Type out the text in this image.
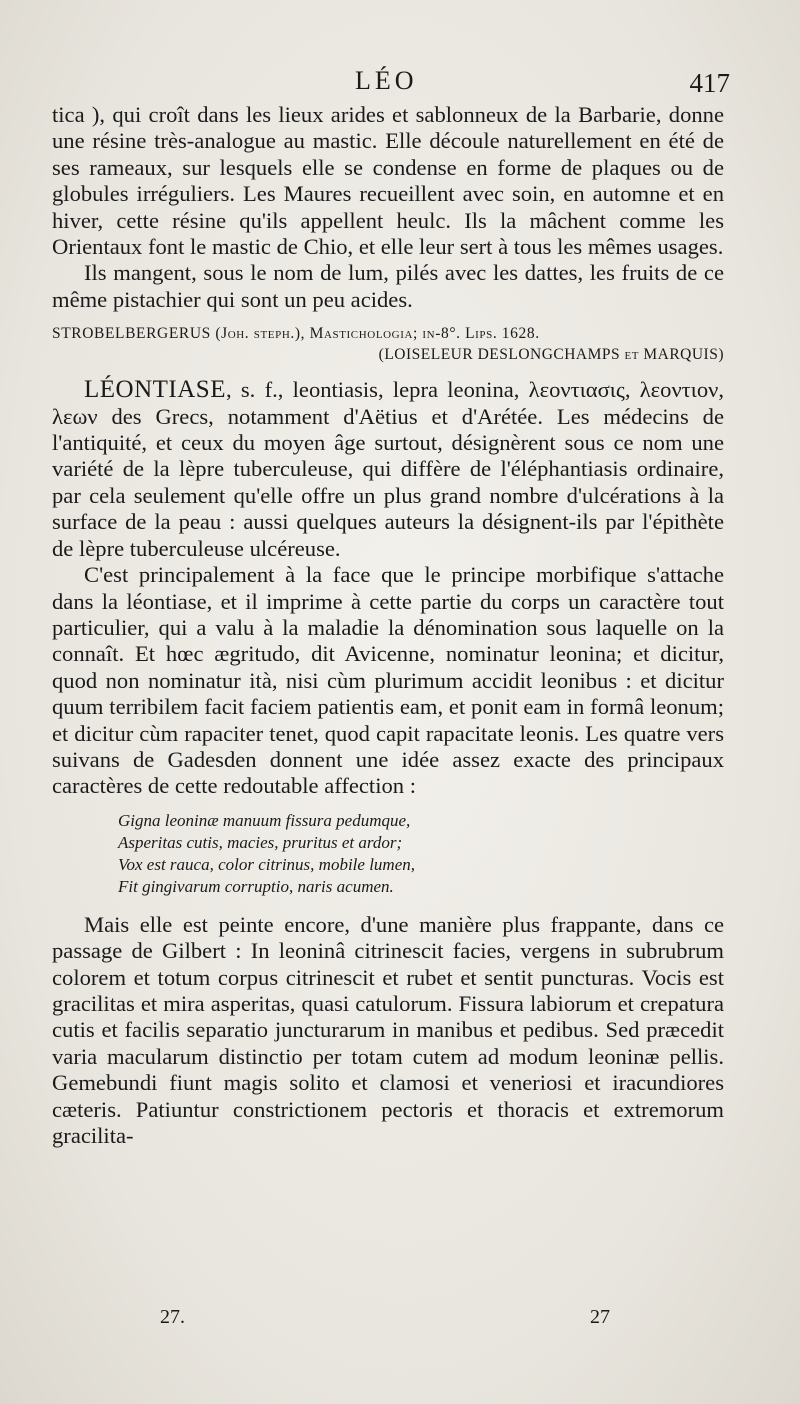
LÉO	417

tica ), qui croît dans les lieux arides et sablonneux de la Barbarie, donne une résine très-analogue au mastic. Elle découle naturellement en été de ses rameaux, sur lesquels elle se condense en forme de plaques ou de globules irréguliers. Les Maures recueillent avec soin, en automne et en hiver, cette résine qu'ils appellent heulc. Ils la mâchent comme les Orientaux font le mastic de Chio, et elle leur sert à tous les mêmes usages.

Ils mangent, sous le nom de lum, pilés avec les dattes, les fruits de ce même pistachier qui sont un peu acides.

STROBELBERGERUS (Joh. steph.), Mastichologia; in-8°. Lips. 1628.
(LOISELEUR DESLONGCHAMPS et MARQUIS)

LÉONTIASE, s. f., leontiasis, lepra leonina, λεοντιασις, λεοντιον, λεων des Grecs, notamment d'Aëtius et d'Arétée. Les médecins de l'antiquité, et ceux du moyen âge surtout, désignèrent sous ce nom une variété de la lèpre tuberculeuse, qui diffère de l'éléphantiasis ordinaire, par cela seulement qu'elle offre un plus grand nombre d'ulcérations à la surface de la peau : aussi quelques auteurs la désignent-ils par l'épithète de lèpre tuberculeuse ulcéreuse.

C'est principalement à la face que le principe morbifique s'attache dans la léontiase, et il imprime à cette partie du corps un caractère tout particulier, qui a valu à la maladie la dénomination sous laquelle on la connaît. Et hœc ægritudo, dit Avicenne, nominatur leonina; et dicitur, quod non nominatur ità, nisi cùm plurimum accidit leonibus : et dicitur quum terribilem facit faciem patientis eam, et ponit eam in formâ leonum; et dicitur cùm rapaciter tenet, quod capit rapacitate leonis. Les quatre vers suivans de Gadesden donnent une idée assez exacte des principaux caractères de cette redoutable affection :

Gigna leoninæ manuum fissura pedumque,
Asperitas cutis, macies, pruritus et ardor;
Vox est rauca, color citrinus, mobile lumen,
Fit gingivarum corruptio, naris acumen.

Mais elle est peinte encore, d'une manière plus frappante, dans ce passage de Gilbert : In leoninâ citrinescit facies, vergens in subrubrum colorem et totum corpus citrinescit et rubet et sentit puncturas. Vocis est gracilitas et mira asperitas, quasi catulorum. Fissura labiorum et crepatura cutis et facilis separatio juncturarum in manibus et pedibus. Sed præcedit varia macularum distinctio per totam cutem ad modum leoninæ pellis. Gemebundi fiunt magis solito et clamosi et veneriosi et iracundiores cæteris. Patiuntur constrictionem pectoris et thoracis et extremorum gracilita-

27.	27
